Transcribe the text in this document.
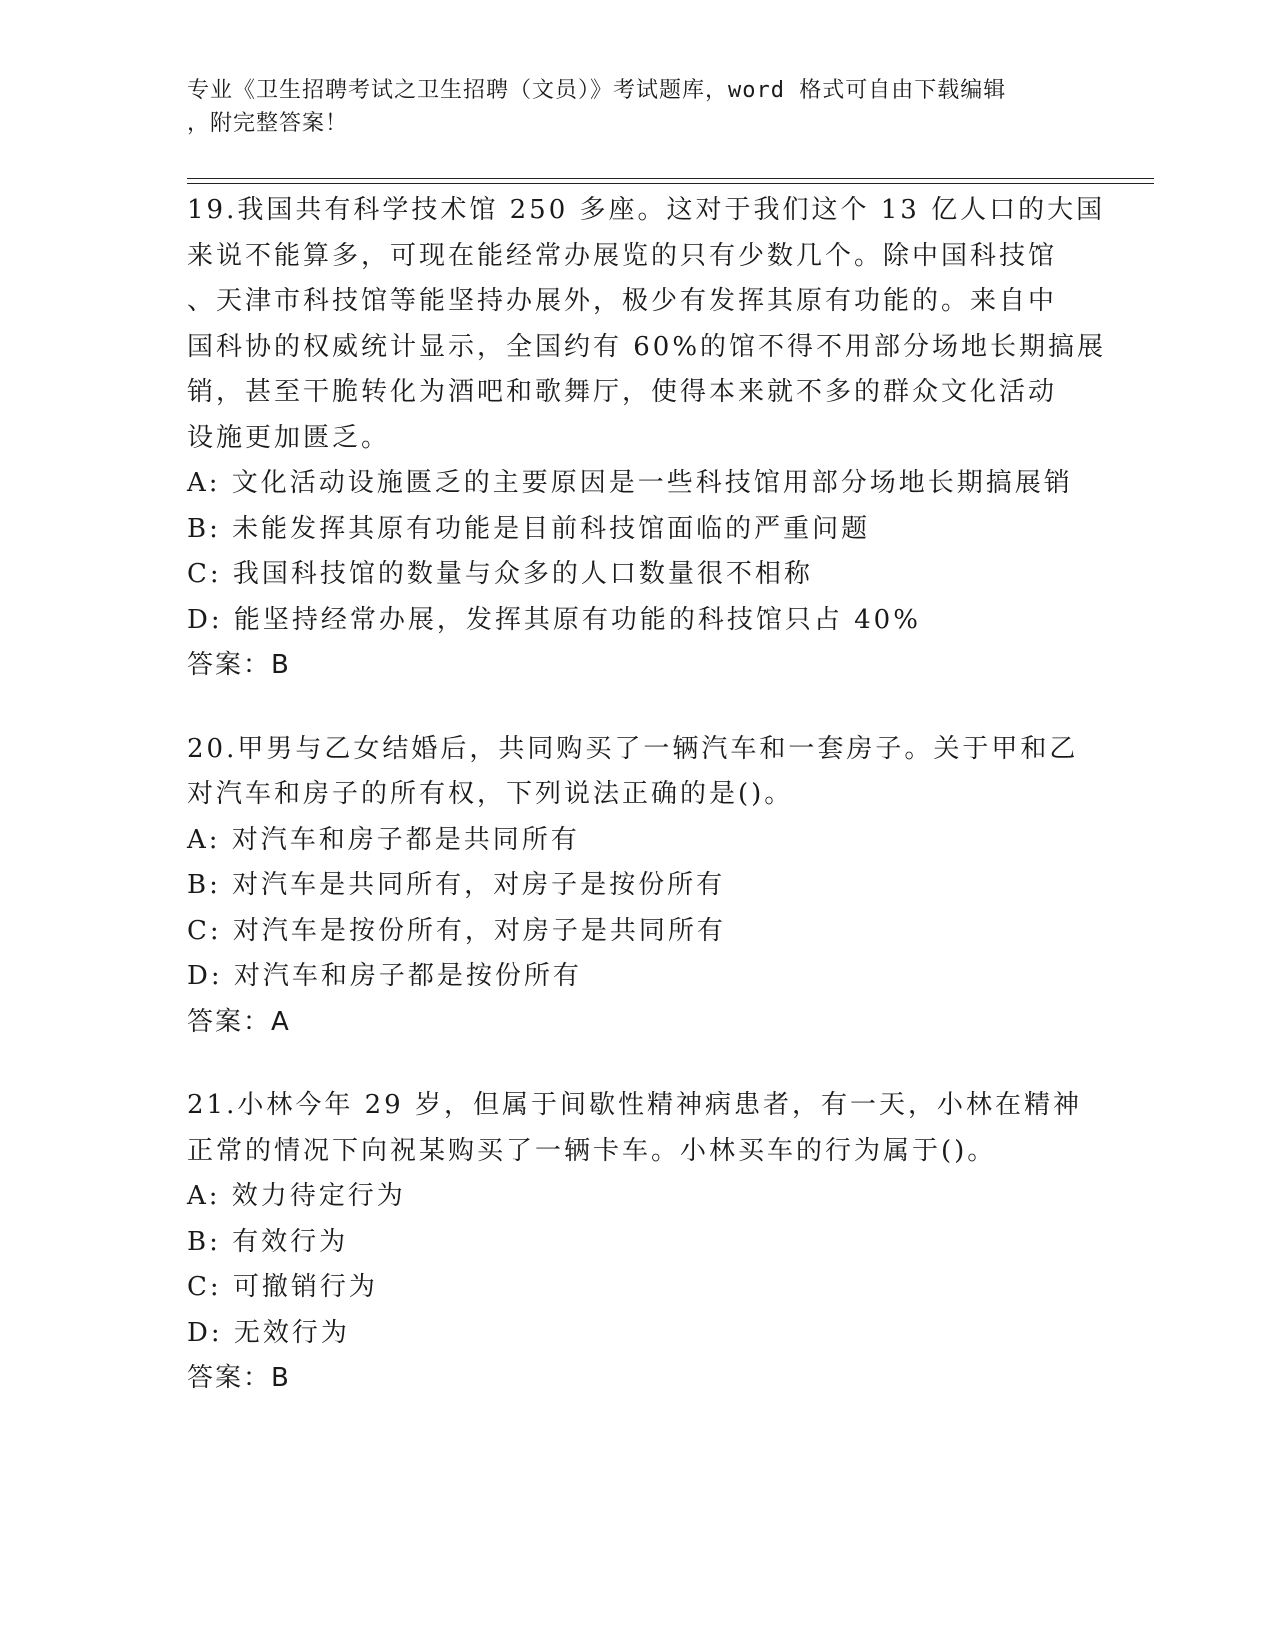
专业《卫生招聘考试之卫生招聘（文员）》考试题库，word 格式可自由下载编辑
，附完整答案！
19.我国共有科学技术馆 250 多座。这对于我们这个 13 亿人口的大国
来说不能算多，可现在能经常办展览的只有少数几个。除中国科技馆
、天津市科技馆等能坚持办展外，极少有发挥其原有功能的。来自中
国科协的权威统计显示，全国约有 60%的馆不得不用部分场地长期搞展
销，甚至干脆转化为酒吧和歌舞厅，使得本来就不多的群众文化活动
设施更加匮乏。
A: 文化活动设施匮乏的主要原因是一些科技馆用部分场地长期搞展销
B: 未能发挥其原有功能是目前科技馆面临的严重问题
C: 我国科技馆的数量与众多的人口数量很不相称
D: 能坚持经常办展，发挥其原有功能的科技馆只占 40%
答案：B
20.甲男与乙女结婚后，共同购买了一辆汽车和一套房子。关于甲和乙
对汽车和房子的所有权，下列说法正确的是()。
A: 对汽车和房子都是共同所有
B: 对汽车是共同所有，对房子是按份所有
C: 对汽车是按份所有，对房子是共同所有
D: 对汽车和房子都是按份所有
答案：A
21.小林今年 29 岁，但属于间歇性精神病患者，有一天，小林在精神
正常的情况下向祝某购买了一辆卡车。小林买车的行为属于()。
A: 效力待定行为
B: 有效行为
C: 可撤销行为
D: 无效行为
答案：B
